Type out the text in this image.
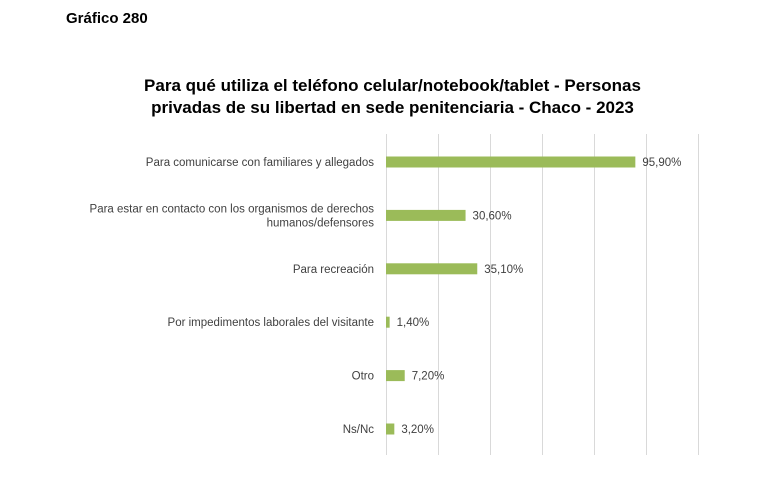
Gráfico 280
Para qué utiliza el teléfono celular/notebook/tablet - Personas
privadas de su libertad en sede penitenciaria - Chaco - 2023
95,90%
Para comunicarse con familiares y allegados
30,60%
Para estar en contacto con los organismos de derechos
humanos/defensores
35,10%
Para recreación
1,40%
Por impedimentos laborales del visitante
7,20%
Otro
3,20%
Ns/Nc
